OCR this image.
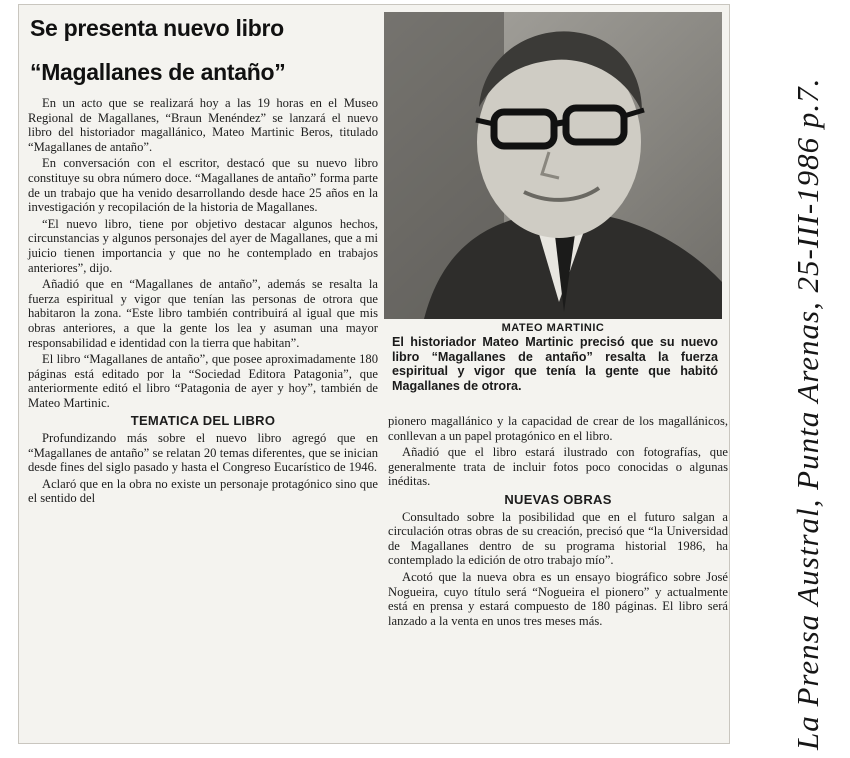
Se presenta nuevo libro
“Magallanes de antaño”

En un acto que se realizará hoy a las 19 horas en el Museo Regional de Magallanes, “Braun Menéndez” se lanzará el nuevo libro del historiador magallánico, Mateo Martinic Beros, titulado “Magallanes de antaño”.

En conversación con el escritor, destacó que su nuevo libro constituye su obra número doce. “Magallanes de antaño” forma parte de un trabajo que ha venido desarrollando desde hace 25 años en la investigación y recopilación de la historia de Magallanes.

“El nuevo libro, tiene por objetivo destacar algunos hechos, circunstancias y algunos personajes del ayer de Magallanes, que a mi juicio tienen importancia y que no he contemplado en trabajos anteriores”, dijo.

Añadió que en “Magallanes de antaño”, además se resalta la fuerza espiritual y vigor que tenían las personas de otrora que habitaron la zona. “Este libro también contribuirá al igual que mis obras anteriores, a que la gente los lea y asuman una mayor responsabilidad e identidad con la tierra que habitan”.

El libro “Magallanes de antaño”, que posee aproximadamente 180 páginas está editado por la “Sociedad Editora Patagonia”, que anteriormente editó el libro “Patagonia de ayer y hoy”, también de Mateo Martinic.

TEMATICA DEL LIBRO

Profundizando más sobre el nuevo libro agregó que en “Magallanes de antaño” se relatan 20 temas diferentes, que se inician desde fines del siglo pasado y hasta el Congreso Eucarístico de 1946.

Aclaró que en la obra no existe un personaje protagónico sino que el sentido del

MATEO MARTINIC
El historiador Mateo Martinic precisó que su nuevo libro “Magallanes de antaño” resalta la fuerza espiritual y vigor que tenía la gente que habitó Magallanes de otrora.

pionero magallánico y la capacidad de crear de los magallánicos, conllevan a un papel protagónico en el libro.

Añadió que el libro estará ilustrado con fotografías, que generalmente trata de incluir fotos poco conocidas o algunas inéditas.

NUEVAS OBRAS

Consultado sobre la posibilidad que en el futuro salgan a circulación otras obras de su creación, precisó que “la Universidad de Magallanes dentro de su programa historial 1986, ha contemplado la edición de otro trabajo mío”.

Acotó que la nueva obra es un ensayo biográfico sobre José Nogueira, cuyo título será “Nogueira el pionero” y actualmente está en prensa y estará compuesto de 180 páginas. El libro será lanzado a la venta en unos tres meses más.	La Prensa Austral, Punta Arenas, 25-III-1986 p.7.
